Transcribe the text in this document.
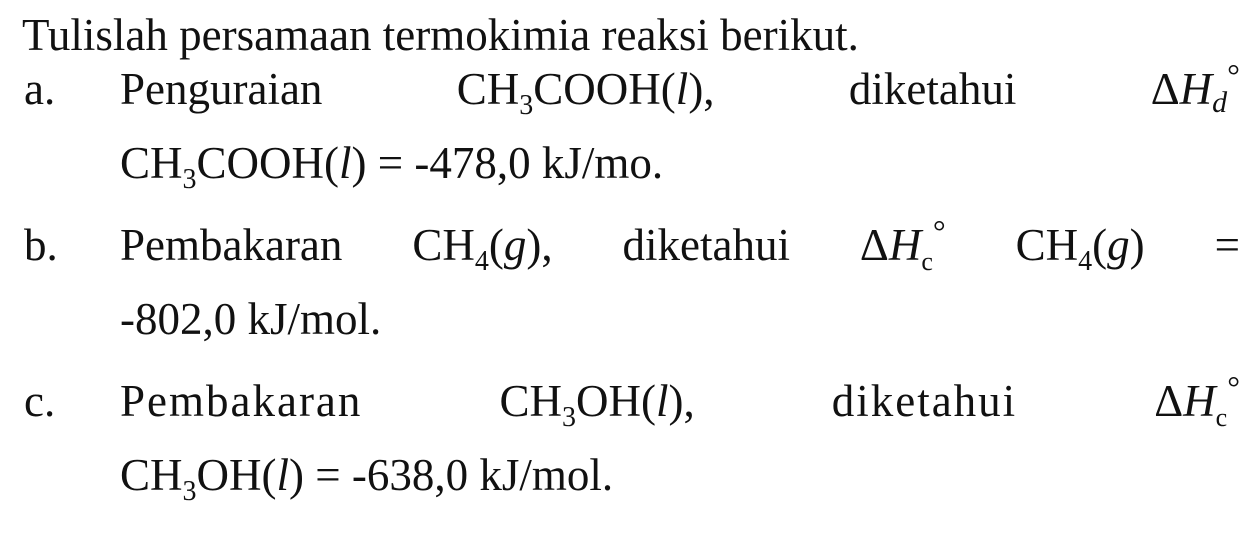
Tulislah persamaan termokimia reaksi berikut.
a. Penguraian	$CH_3COOH(l)$,	diketahui	ΔHd°
$CH_3COOH(l) = -478,0$ kJ/mo.
b. Pembakaran $CH_4(g)$, diketahui $\Delta H_c^\circ$ $CH_4(g)$ =
-802,0 kJ/mol.
c. Pembakaran	$CH_3OH(l)$,	diketahui	$\Delta H_c^\circ$
$CH_3OH(l) = -638,0$ kJ/mol.
